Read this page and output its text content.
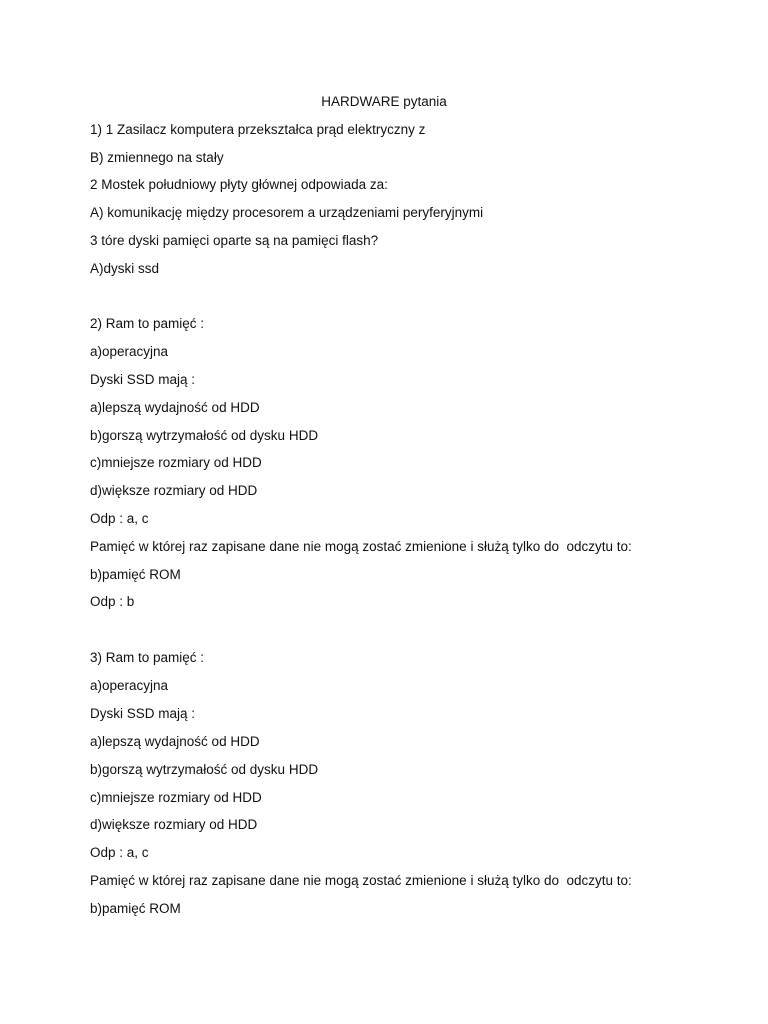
HARDWARE pytania
1) 1 Zasilacz komputera przekształca prąd elektryczny z
B) zmiennego na stały
2 Mostek południowy płyty głównej odpowiada za:
A) komunikację między procesorem a urządzeniami peryferyjnymi
3 tóre dyski pamięci oparte są na pamięci flash?
A)dyski ssd
2) Ram to pamięć :
a)operacyjna
Dyski SSD mają :
a)lepszą wydajność od HDD
b)gorszą wytrzymałość od dysku HDD
c)mniejsze rozmiary od HDD
d)większe rozmiary od HDD
Odp : a, c
Pamięć w której raz zapisane dane nie mogą zostać zmienione i służą tylko do  odczytu to:
b)pamięć ROM
Odp : b
3) Ram to pamięć :
a)operacyjna
Dyski SSD mają :
a)lepszą wydajność od HDD
b)gorszą wytrzymałość od dysku HDD
c)mniejsze rozmiary od HDD
d)większe rozmiary od HDD
Odp : a, c
Pamięć w której raz zapisane dane nie mogą zostać zmienione i służą tylko do  odczytu to:
b)pamięć ROM
